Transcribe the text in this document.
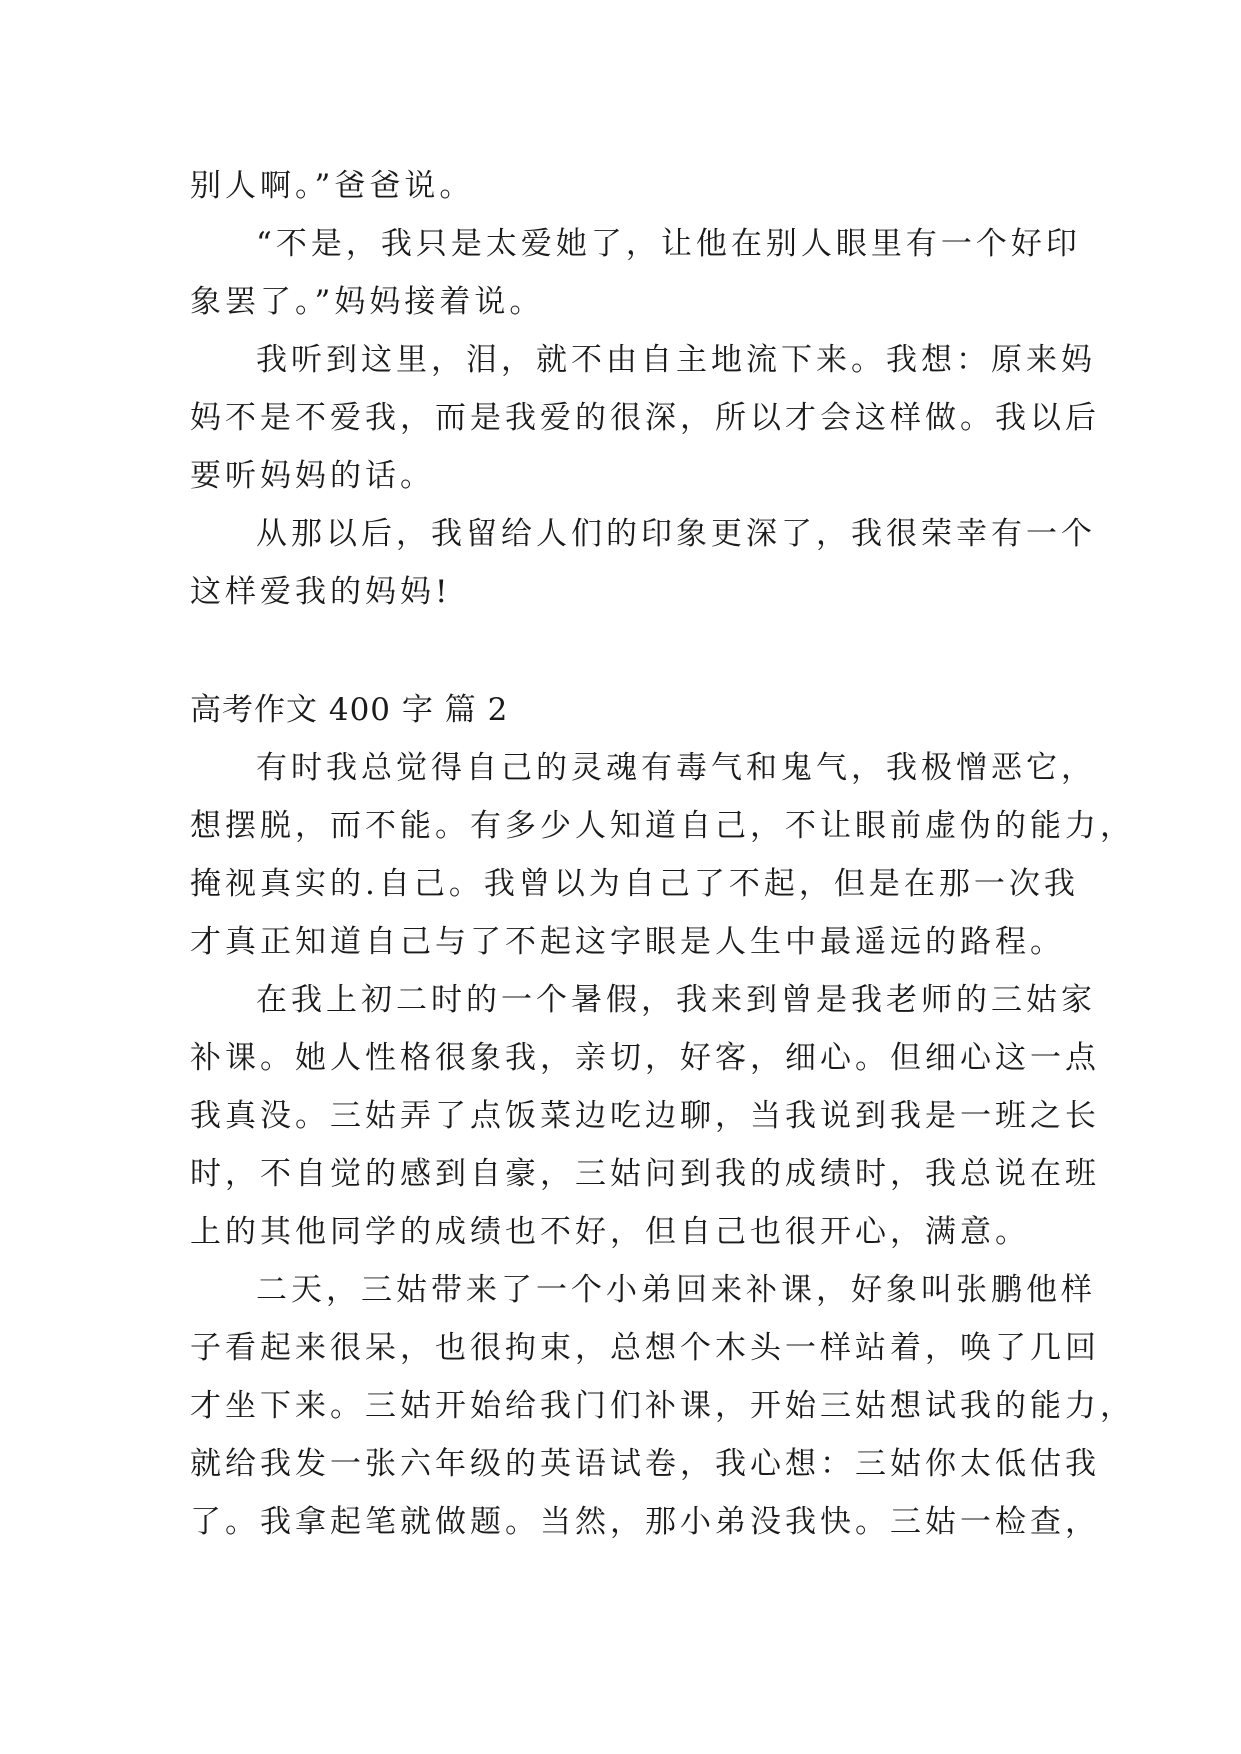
别人啊。”爸爸说。
“不是，我只是太爱她了，让他在别人眼里有一个好印
象罢了。”妈妈接着说。
我听到这里，泪，就不由自主地流下来。我想：原来妈
妈不是不爱我，而是我爱的很深，所以才会这样做。我以后
要听妈妈的话。
从那以后，我留给人们的印象更深了，我很荣幸有一个
这样爱我的妈妈!
高考作文 400 字 篇 2
有时我总觉得自己的灵魂有毒气和鬼气，我极憎恶它，
想摆脱，而不能。有多少人知道自己，不让眼前虚伪的能力，
掩视真实的.自己。我曾以为自己了不起，但是在那一次我
才真正知道自己与了不起这字眼是人生中最遥远的路程。
在我上初二时的一个暑假，我来到曾是我老师的三姑家
补课。她人性格很象我，亲切，好客，细心。但细心这一点
我真没。三姑弄了点饭菜边吃边聊，当我说到我是一班之长
时，不自觉的感到自豪，三姑问到我的成绩时，我总说在班
上的其他同学的成绩也不好，但自己也很开心，满意。
二天，三姑带来了一个小弟回来补课，好象叫张鹏他样
子看起来很呆，也很拘束，总想个木头一样站着，唤了几回
才坐下来。三姑开始给我门们补课，开始三姑想试我的能力，
就给我发一张六年级的英语试卷，我心想：三姑你太低估我
了。我拿起笔就做题。当然，那小弟没我快。三姑一检查，
